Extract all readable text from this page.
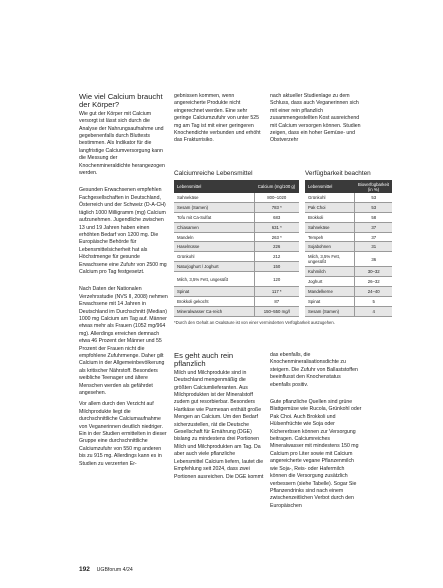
Wie viel Calcium braucht der Körper?

Wie gut der Körper mit Calcium versorgt ist lässt sich durch die Analyse der Nahrungsaufnahme und gegebenenfalls durch Bluttests bestimmen. Als Indikator für die langfristige Calciumversorgung kann die Messung der Knochenmineraldichte herangezogen werden.

Gesunden Erwachsenen empfehlen Fachgesellschaften in Deutschland, Österreich und der Schweiz (D-A-CH) täglich 1000 Milligramm (mg) Calcium aufzunehmen. Jugendliche zwischen 13 und 19 Jahren haben einen erhöhten Bedarf von 1200 mg. Die Europäische Behörde für Lebensmittelsicherheit hat als Höchstmenge für gesunde Erwachsene eine Zufuhr von 2500 mg Calcium pro Tag festgesetzt.

Nach Daten der Nationalen Verzehrsstudie (NVS II, 2008) nehmen Erwachsene mit 14 Jahren in Deutschland im Durchschnitt (Median) 1000 mg Calcium am Tag auf. Männer etwas mehr als Frauen (1052 mg/964 mg). Allerdings erreichen demnach etwa 46 Prozent der Männer und 55 Prozent der Frauen nicht die empfohlene Zufuhrmenge. Daher gilt Calcium in der Allgemeinbevölkerung als kritischer Nährstoff. Besonders weibliche Teenager und ältere Menschen werden als gefährdet angesehen.

Vor allem durch den Verzicht auf Milchprodukte liegt die durchschnittliche Calciumaufnahme von Veganerinnen deutlich niedriger. Ein in der Studien ermittelten in dieser Gruppe eine durchschnittliche Calciumzufuhr von 550 mg anderen bis zu 915 mg. Allerdings kann es in Studien zu verzerrten Er-

gebnissen kommen, wenn angereicherte Produkte nicht eingerechnet werden. Eine sehr geringe Calciumzufuhr von unter 525 mg am Tag ist mit einer geringeren Knochendichte verbunden und erhöht das Frakturrisiko.

nach aktueller Studienlage zu dem Schluss, dass auch Veganerinnen sich mit einer rein pflanzlich zusammengestellten Kost ausreichend mit Calcium versorgen können. Studien zeigen, dass ein hoher Gemüse- und Obstverzehr

Calciumreiche Lebensmittel
Lebensmittel	Calcium (mg/100 g)
Sahnekäse	800–1020
Sesam (Samen)	783 *
Tofu mit Ca-Sulfat	683
Chiasamen	631 *
Mandeln	263 *
Haselnüsse	226
Grünkohl	212
Naturjoghurt / Joghurt	150
Milch, 3,5% Fett, ungesüßt	120
Spinat	117 *
Brokkoli gekocht	87
Mineralwasser Ca-reich	150–550 mg/l
Verfügbarkeit beachten
Lebensmittel	Bioverfügbarkeit (in %)
Grünkohl	53
Pak Choi	53
Brokkoli	58
Sahnekäse	37
Tempeh	37
Sojabohnen	31
Milch, 3,5% Fett, ungesüßt	36
Kuhmilch	30–32
Joghurt	26–32
Mandelkerne	24–40
Spinat	5
Sesam (Samen)	4
*Durch den Gehalt an Oxalsäure ist von einer verminderten Verfügbarkeit auszugehen.
Es geht auch rein pflanzlich

Milch und Milchprodukte sind in Deutschland mengenmäßig die größten Calciumlieferanten. Aus Milchprodukten ist der Mineralstoff zudem gut resorbierbar. Besonders Hartkäse wie Parmesan enthält große Mengen an Calcium. Um den Bedarf sicherzustellen, rät die Deutsche Gesellschaft für Ernährung (DGE) bislang zu mindestens drei Portionen Milch und Milchprodukten am Tag. Da aber auch viele pflanzliche Lebensmittel Calcium liefern, lautet die Empfehlung seit 2024, dass zwei Portionen ausreichen. Die DGE kommt

das ebenfalls, die Knochenmineralisationsdichte zu steigern. Die Zufuhr von Ballaststoffen beeinflusst den Knochenstatus ebenfalls positiv.

Gute pflanzliche Quellen sind grüne Blattgemüse wie Rucola, Grünkohl oder Pak Choi. Auch Brokkoli und Hülsenfrüchte wie Soja oder Kichererbsen können zur Versorgung beitragen. Calciumreiches Mineralwasser mit mindestens 150 mg Calcium pro Liter sowie mit Calcium angereicherte vegane Pflanzenmilch wie Soja-, Reis- oder Hafermilch können die Versorgung zusätzlich verbessern (siehe Tabelle). Sogar Sie Pflanzendrinks sind nach einem zwischenzeitlichen Verbot durch den Europäischen

192 UGBforum 4/24
